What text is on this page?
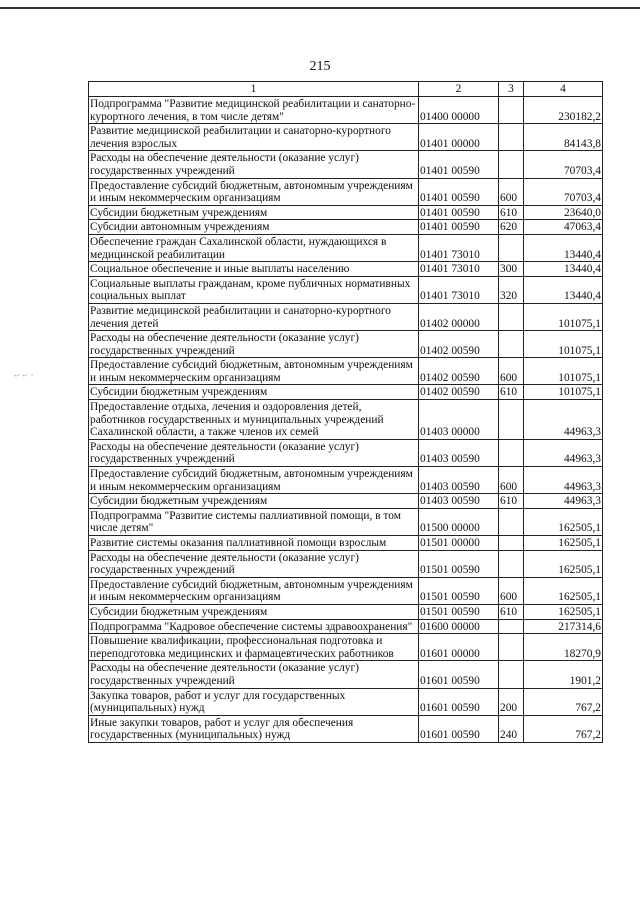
215
1	2	3	4
Подпрограмма "Развитие медицинской реабилитации и санаторно-курортного лечения, в том числе детям"	01400 00000		230182,2
Развитие медицинской реабилитации и санаторно-курортного лечения взрослых	01401 00000		84143,8
Расходы на обеспечение деятельности (оказание услуг) государственных учреждений	01401 00590		70703,4
Предоставление субсидий бюджетным, автономным учреждениям и иным некоммерческим организациям	01401 00590	600	70703,4
Субсидии бюджетным учреждениям	01401 00590	610	23640,0
Субсидии автономным учреждениям	01401 00590	620	47063,4
Обеспечение граждан Сахалинской области, нуждающихся в медицинской реабилитации	01401 73010		13440,4
Социальное обеспечение и иные выплаты населению	01401 73010	300	13440,4
Социальные выплаты гражданам, кроме публичных нормативных социальных выплат	01401 73010	320	13440,4
Развитие медицинской реабилитации и санаторно-курортного лечения детей	01402 00000		101075,1
Расходы на обеспечение деятельности (оказание услуг) государственных учреждений	01402 00590		101075,1
Предоставление субсидий бюджетным, автономным учреждениям и иным некоммерческим организациям	01402 00590	600	101075,1
Субсидии бюджетным учреждениям	01402 00590	610	101075,1
Предоставление отдыха, лечения и оздоровления детей, работников государственных и муниципальных учреждений Сахалинской области, а также членов их семей	01403 00000		44963,3
Расходы на обеспечение деятельности (оказание услуг) государственных учреждений	01403 00590		44963,3
Предоставление субсидий бюджетным, автономным учреждениям и иным некоммерческим организациям	01403 00590	600	44963,3
Субсидии бюджетным учреждениям	01403 00590	610	44963,3
Подпрограмма "Развитие системы паллиативной помощи, в том числе детям"	01500 00000		162505,1
Развитие системы оказания паллиативной помощи взрослым	01501 00000		162505,1
Расходы на обеспечение деятельности (оказание услуг) государственных учреждений	01501 00590		162505,1
Предоставление субсидий бюджетным, автономным учреждениям и иным некоммерческим организациям	01501 00590	600	162505,1
Субсидии бюджетным учреждениям	01501 00590	610	162505,1
Подпрограмма "Кадровое обеспечение системы здравоохранения"	01600 00000		217314,6
Повышение квалификации, профессиональная подготовка и переподготовка медицинских и фармацевтических работников	01601 00000		18270,9
Расходы на обеспечение деятельности (оказание услуг) государственных учреждений	01601 00590		1901,2
Закупка товаров, работ и услуг для государственных (муниципальных) нужд	01601 00590	200	767,2
Иные закупки товаров, работ и услуг для обеспечения государственных (муниципальных) нужд	01601 00590	240	767,2
-· -· ·
